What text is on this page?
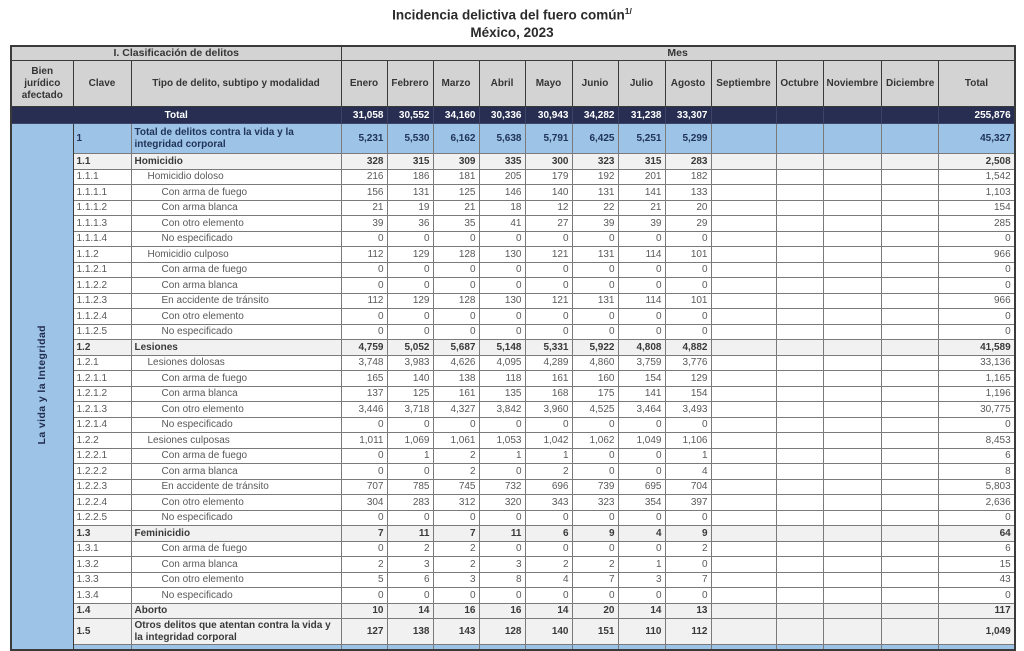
Incidencia delictiva del fuero común$^{1/}$
México, 2023
I. Clasificación de delitos			Mes												
Bien jurídico afectado	Clave	Tipo de delito, subtipo y modalidad	Enero	Febrero	Marzo	Abril	Mayo	Junio	Julio	Agosto	Septiembre	Octubre	Noviembre	Diciembre	Total
Total			31,058	30,552	34,160	30,336	30,943	34,282	31,238	33,307					255,876
La vida y la Integridad	1	Total de delitos contra la vida y la integridad corporal	5,231	5,530	6,162	5,638	5,791	6,425	5,251	5,299					45,327
	1.1	Homicidio	328	315	309	335	300	323	315	283					2,508
	1.1.1	Homicidio doloso	216	186	181	205	179	192	201	182					1,542
	1.1.1.1	Con arma de fuego	156	131	125	146	140	131	141	133					1,103
	1.1.1.2	Con arma blanca	21	19	21	18	12	22	21	20					154
	1.1.1.3	Con otro elemento	39	36	35	41	27	39	39	29					285
	1.1.1.4	No especificado	0	0	0	0	0	0	0	0					0
	1.1.2	Homicidio culposo	112	129	128	130	121	131	114	101					966
	1.1.2.1	Con arma de fuego	0	0	0	0	0	0	0	0					0
	1.1.2.2	Con arma blanca	0	0	0	0	0	0	0	0					0
	1.1.2.3	En accidente de tránsito	112	129	128	130	121	131	114	101					966
	1.1.2.4	Con otro elemento	0	0	0	0	0	0	0	0					0
	1.1.2.5	No especificado	0	0	0	0	0	0	0	0					0
	1.2	Lesiones	4,759	5,052	5,687	5,148	5,331	5,922	4,808	4,882					41,589
	1.2.1	Lesiones dolosas	3,748	3,983	4,626	4,095	4,289	4,860	3,759	3,776					33,136
	1.2.1.1	Con arma de fuego	165	140	138	118	161	160	154	129					1,165
	1.2.1.2	Con arma blanca	137	125	161	135	168	175	141	154					1,196
	1.2.1.3	Con otro elemento	3,446	3,718	4,327	3,842	3,960	4,525	3,464	3,493					30,775
	1.2.1.4	No especificado	0	0	0	0	0	0	0	0					0
	1.2.2	Lesiones culposas	1,011	1,069	1,061	1,053	1,042	1,062	1,049	1,106					8,453
	1.2.2.1	Con arma de fuego	0	1	2	1	1	0	0	1					6
	1.2.2.2	Con arma blanca	0	0	2	0	2	0	0	4					8
	1.2.2.3	En accidente de tránsito	707	785	745	732	696	739	695	704					5,803
	1.2.2.4	Con otro elemento	304	283	312	320	343	323	354	397					2,636
	1.2.2.5	No especificado	0	0	0	0	0	0	0	0					0
	1.3	Feminicidio	7	11	7	11	6	9	4	9					64
	1.3.1	Con arma de fuego	0	2	2	0	0	0	0	2					6
	1.3.2	Con arma blanca	2	3	2	3	2	2	1	0					15
	1.3.3	Con otro elemento	5	6	3	8	4	7	3	7					43
	1.3.4	No especificado	0	0	0	0	0	0	0	0					0
	1.4	Aborto	10	14	16	16	14	20	14	13					117
	1.5	Otros delitos que atentan contra la vida y la integridad corporal	127	138	143	128	140	151	110	112					1,049
